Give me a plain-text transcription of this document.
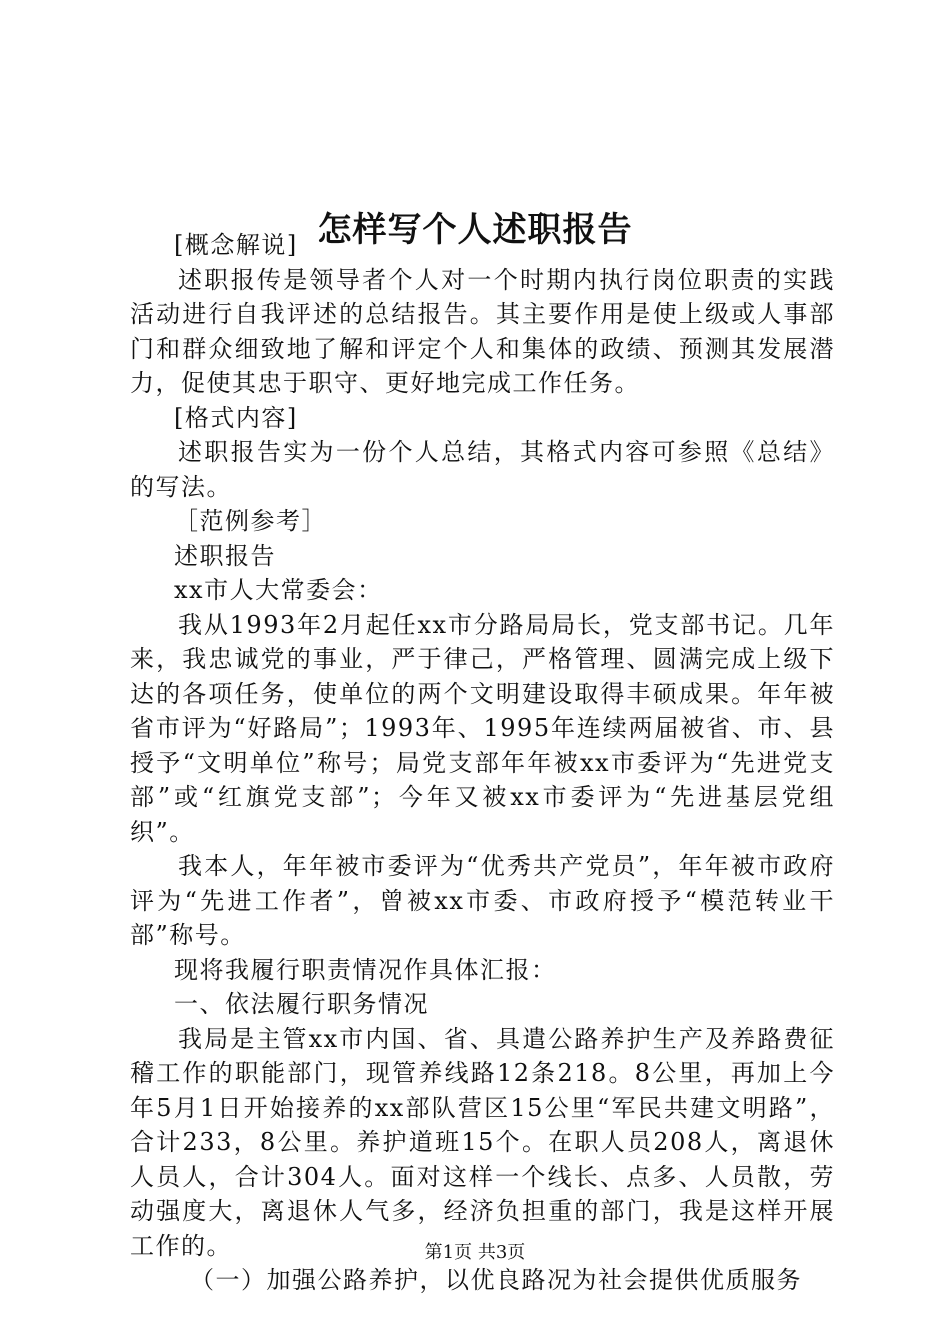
怎样写个人述职报告

[概念解说]

述职报传是领导者个人对一个时期内执行岗位职责的实践活动进行自我评述的总结报告。其主要作用是使上级或人事部门和群众细致地了解和评定个人和集体的政绩、预测其发展潜力，促使其忠于职守、更好地完成工作任务。

[格式内容]

述职报告实为一份个人总结，其格式内容可参照《总结》的写法。

［范例参考］

述职报告

xx市人大常委会：

我从1993年2月起任xx市分路局局长，党支部书记。几年来，我忠诚党的事业，严于律己，严格管理、圆满完成上级下达的各项任务，使单位的两个文明建设取得丰硕成果。年年被省市评为“好路局”；1993年、1995年连续两届被省、市、县授予“文明单位”称号；局党支部年年被xx市委评为“先进党支部”或“红旗党支部”；今年又被xx市委评为“先进基层党组织”。

我本人，年年被市委评为“优秀共产党员”，年年被市政府评为“先进工作者”，曾被xx市委、市政府授予“模范转业干部”称号。

现将我履行职责情况作具体汇报：

一、依法履行职务情况

我局是主管xx市内国、省、具遣公路养护生产及养路费征稽工作的职能部门，现管养线路12条218。8公里，再加上今年5月1日开始接养的xx部队营区15公里“军民共建文明路”，合计233，8公里。养护道班15个。在职人员208人，离退休人员人，合计304人。面对这样一个线长、点多、人员散，劳动强度大，离退休人气多，经济负担重的部门，我是这样开展工作的。

（一）加强公路养护，以优良路况为社会提供优质服务

第1页 共3页
